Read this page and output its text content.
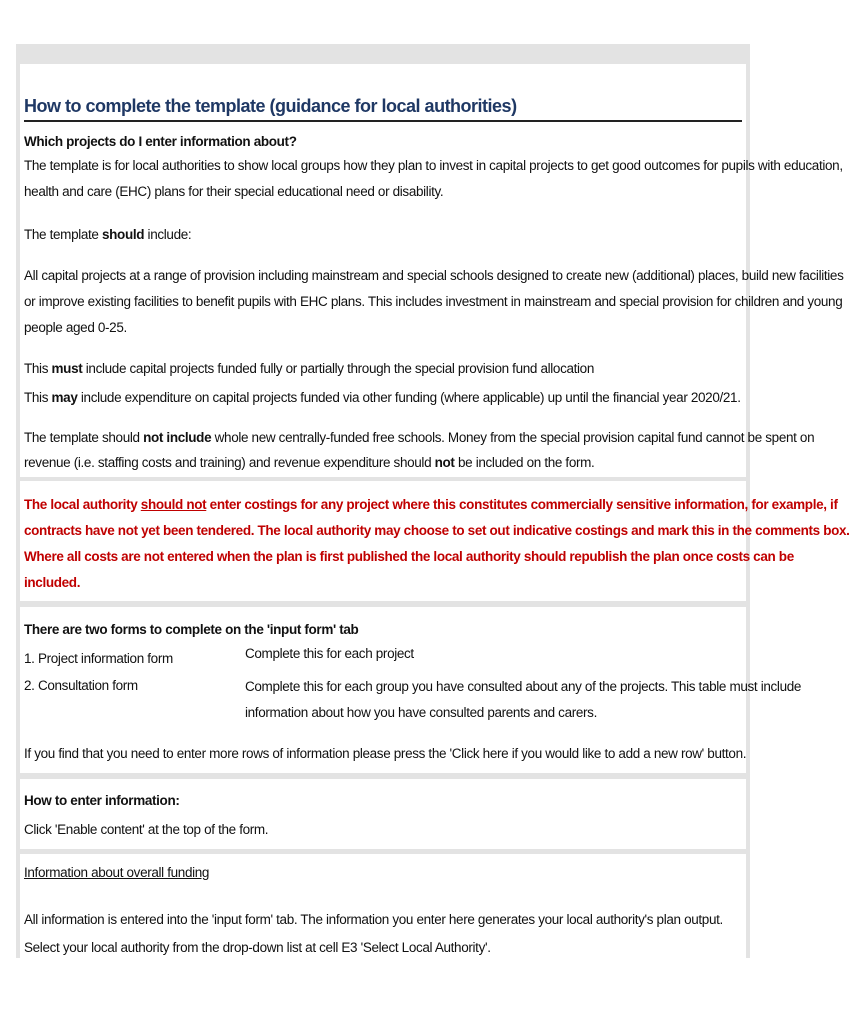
How to complete the template (guidance for local authorities)
Which projects do I enter information about?
The template is for local authorities to show local groups how they plan to invest in capital projects to get good outcomes for pupils with education,
health and care (EHC) plans for their special educational need or disability.
The template should include:
All capital projects at a range of provision including mainstream and special schools designed to create new (additional) places, build new facilities
or improve existing facilities to benefit pupils with EHC plans. This includes investment in mainstream and special provision for children and young
people aged 0-25.
This must include capital projects funded fully or partially through the special provision fund allocation
This may include expenditure on capital projects funded via other funding (where applicable) up until the financial year 2020/21.
The template should not include whole new centrally-funded free schools. Money from the special provision capital fund cannot be spent on
revenue (i.e. staffing costs and training) and revenue expenditure should not be included on the form.
The local authority should not enter costings for any project where this constitutes commercially sensitive information, for example, if
contracts have not yet been tendered. The local authority may choose to set out indicative costings and mark this in the comments box.
Where all costs are not entered when the plan is first published the local authority should republish the plan once costs can be
included.
There are two forms to complete on the 'input form' tab
1. Project information form	Complete this for each project
2. Consultation form	Complete this for each group you have consulted about any of the projects. This table must include
information about how you have consulted parents and carers.
If you find that you need to enter more rows of information please press the 'Click here if you would like to add a new row' button.
How to enter information:
Click 'Enable content' at the top of the form.
Information about overall funding
All information is entered into the 'input form' tab. The information you enter here generates your local authority's plan output.
Select your local authority from the drop-down list at cell E3 'Select Local Authority'.
